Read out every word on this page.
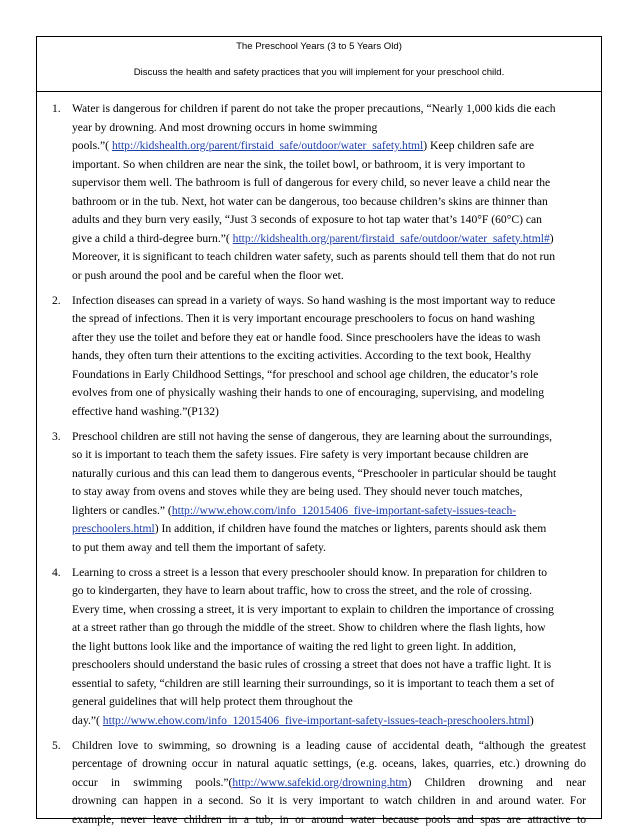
The Preschool Years (3 to 5 Years Old)
Discuss the health and safety practices that you will implement for your preschool child.
1. Water is dangerous for children if parent do not take the proper precautions, “Nearly 1,000 kids die each
year by drowning. And most drowning occurs in home swimming
pools.”( http://kidshealth.org/parent/firstaid_safe/outdoor/water_safety.html) Keep children safe are
important. So when children are near the sink, the toilet bowl, or bathroom, it is very important to
supervisor them well. The bathroom is full of dangerous for every child, so never leave a child near the
bathroom or in the tub. Next, hot water can be dangerous, too because children’s skins are thinner than
adults and they burn very easily, “Just 3 seconds of exposure to hot tap water that’s 140°F (60°C) can
give a child a third-degree burn.”( http://kidshealth.org/parent/firstaid_safe/outdoor/water_safety.html#)
Moreover, it is significant to teach children water safety, such as parents should tell them that do not run
or push around the pool and be careful when the floor wet.
2. Infection diseases can spread in a variety of ways. So hand washing is the most important way to reduce
the spread of infections. Then it is very important encourage preschoolers to focus on hand washing
after they use the toilet and before they eat or handle food. Since preschoolers have the ideas to wash
hands, they often turn their attentions to the exciting activities. According to the text book, Healthy
Foundations in Early Childhood Settings, “for preschool and school age children, the educator’s role
evolves from one of physically washing their hands to one of encouraging, supervising, and modeling
effective hand washing.”(P132)
3. Preschool children are still not having the sense of dangerous, they are learning about the surroundings,
so it is important to teach them the safety issues. Fire safety is very important because children are
naturally curious and this can lead them to dangerous events, “Preschooler in particular should be taught
to stay away from ovens and stoves while they are being used. They should never touch matches,
lighters or candles.” (http://www.ehow.com/info_12015406_five-important-safety-issues-teach-
preschoolers.html) In addition, if children have found the matches or lighters, parents should ask them
to put them away and tell them the important of safety.
4. Learning to cross a street is a lesson that every preschooler should know. In preparation for children to
go to kindergarten, they have to learn about traffic, how to cross the street, and the role of crossing.
Every time, when crossing a street, it is very important to explain to children the importance of crossing
at a street rather than go through the middle of the street. Show to children where the flash lights, how
the light buttons look like and the importance of waiting the red light to green light. In addition,
preschoolers should understand the basic rules of crossing a street that does not have a traffic light. It is
essential to safety, “children are still learning their surroundings, so it is important to teach them a set of
general guidelines that will help protect them throughout the
day.”( http://www.ehow.com/info_12015406_five-important-safety-issues-teach-preschoolers.html)
5. Children love to swimming, so drowning is a leading cause of accidental death, “although the greatest
percentage of drowning occur in natural aquatic settings, (e.g. oceans, lakes, quarries, etc.) drowning do
occur in swimming pools.”(http://www.safekid.org/drowning.htm) Children drowning and near
drowning can happen in a second. So it is very important to watch children in and around water. For
example, never leave children in a tub, in or around water because pools and spas are attractive to
